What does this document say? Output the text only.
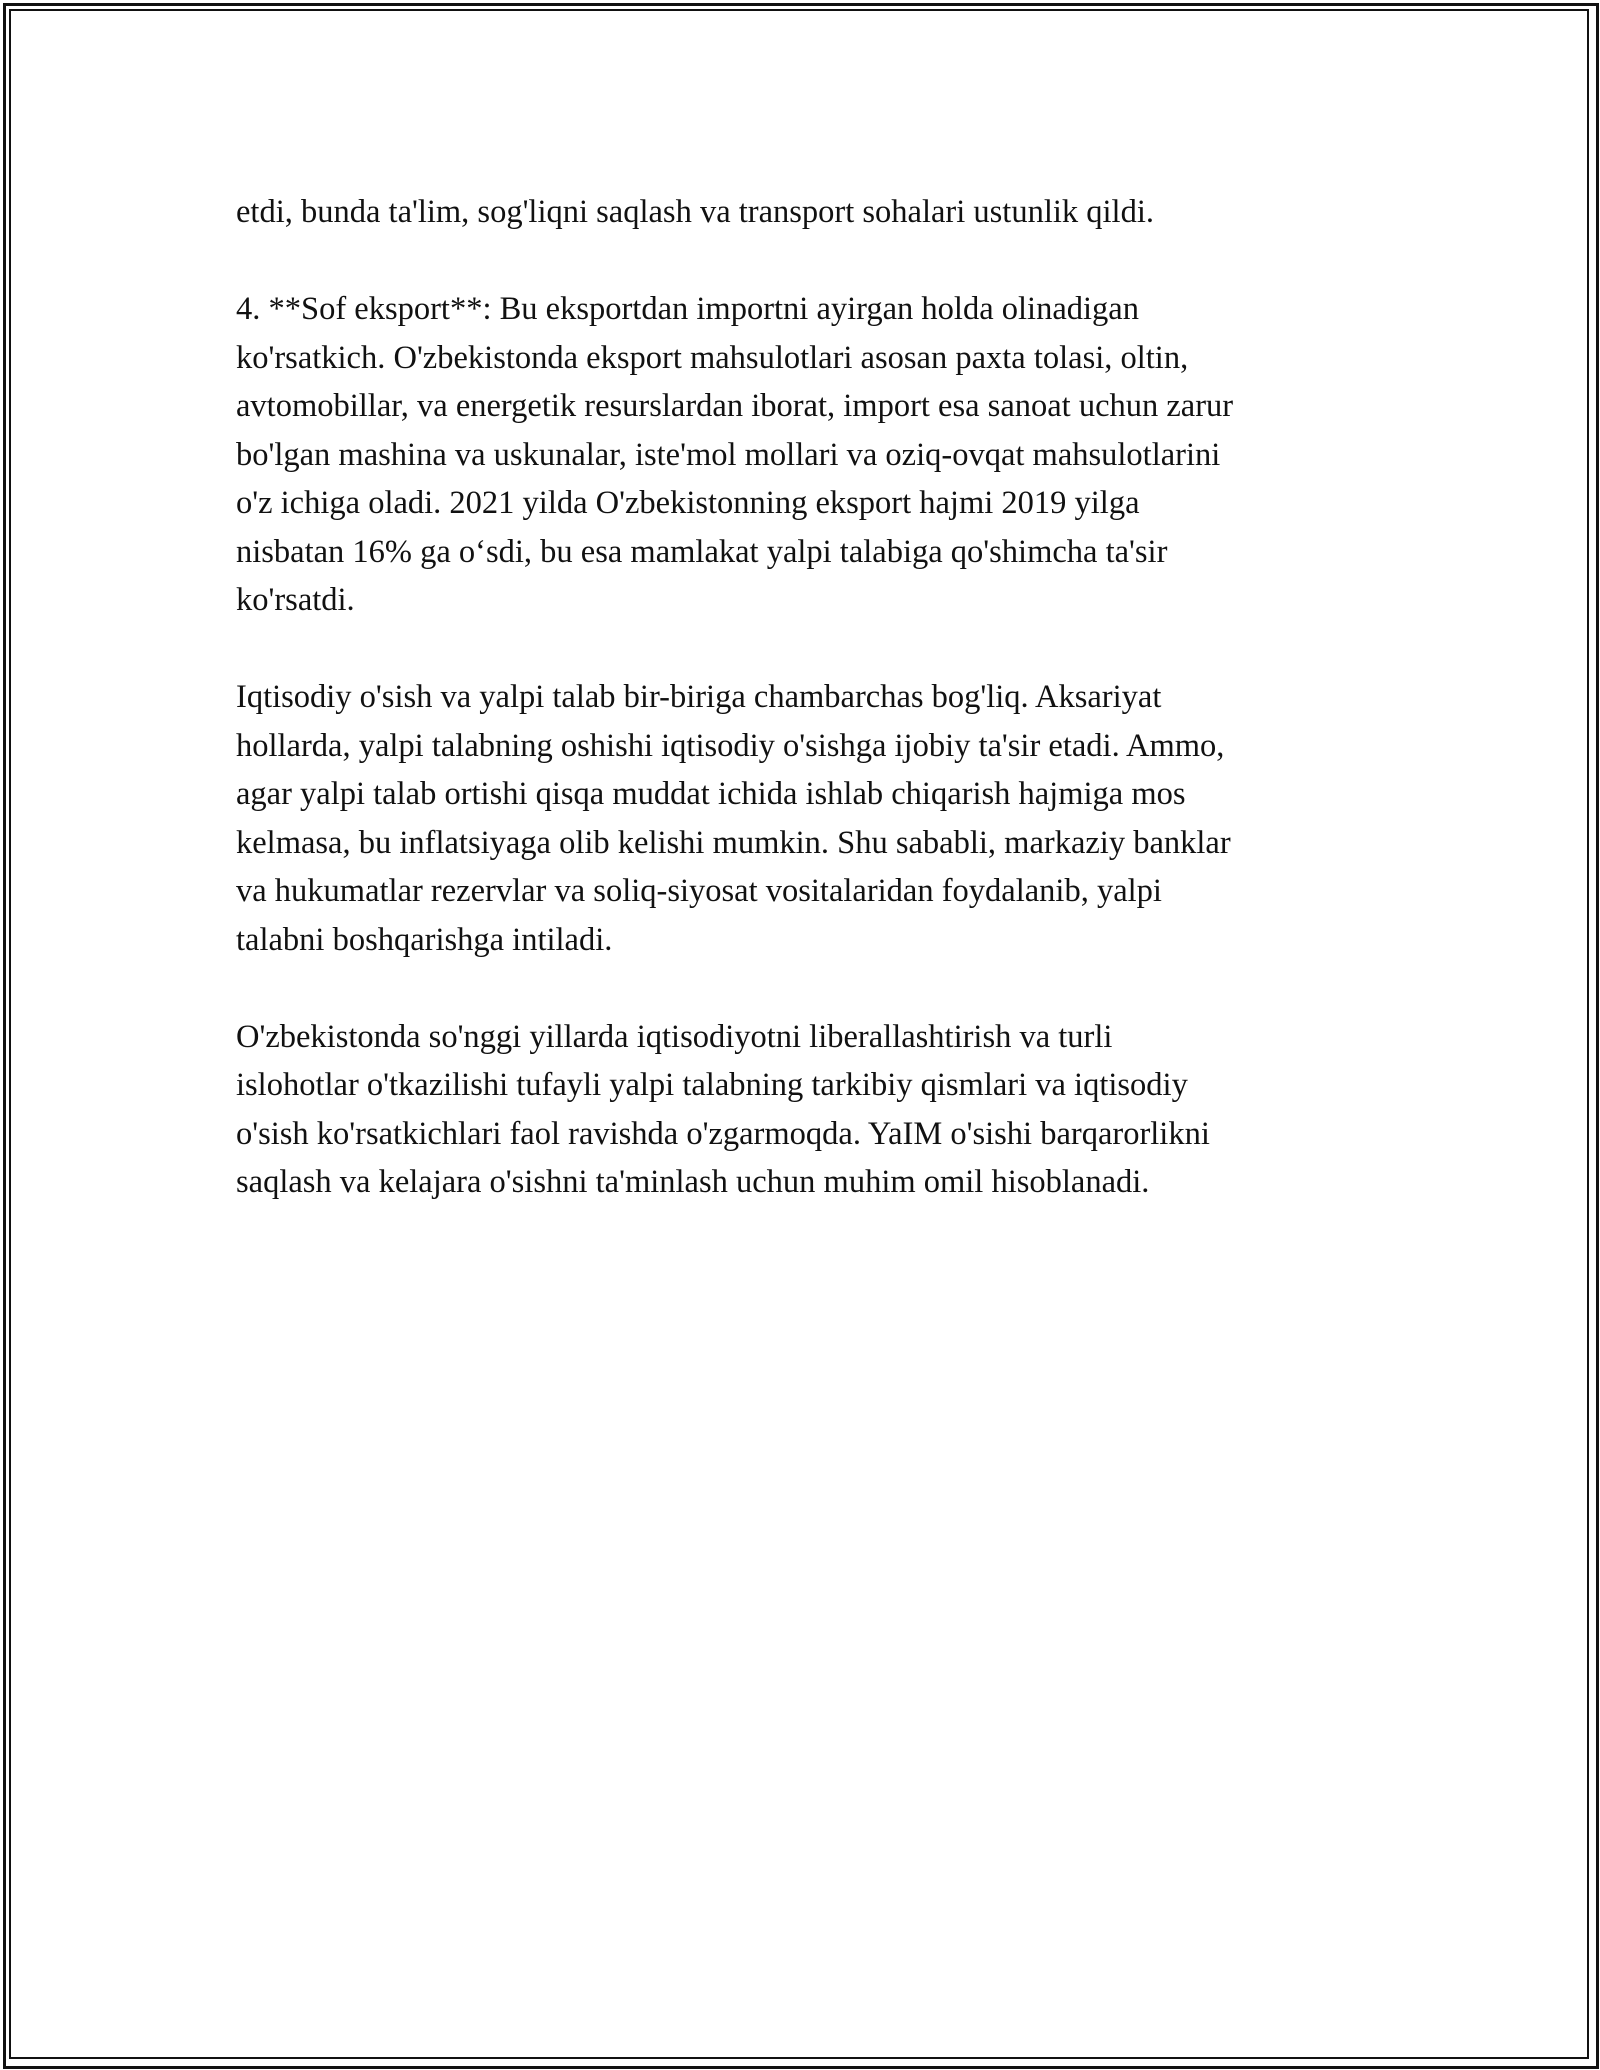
etdi, bunda ta'lim, sog'liqni saqlash va transport sohalari ustunlik qildi.

4. **Sof eksport**: Bu eksportdan importni ayirgan holda olinadigan
ko'rsatkich. O'zbekistonda eksport mahsulotlari asosan paxta tolasi, oltin,
avtomobillar, va energetik resurslardan iborat, import esa sanoat uchun zarur
bo'lgan mashina va uskunalar, iste'mol mollari va oziq-ovqat mahsulotlarini
o'z ichiga oladi. 2021 yilda O'zbekistonning eksport hajmi 2019 yilga
nisbatan 16% ga o‘sdi, bu esa mamlakat yalpi talabiga qo'shimcha ta'sir
ko'rsatdi.

Iqtisodiy o'sish va yalpi talab bir-biriga chambarchas bog'liq. Aksariyat
hollarda, yalpi talabning oshishi iqtisodiy o'sishga ijobiy ta'sir etadi. Ammo,
agar yalpi talab ortishi qisqa muddat ichida ishlab chiqarish hajmiga mos
kelmasa, bu inflatsiyaga olib kelishi mumkin. Shu sababli, markaziy banklar
va hukumatlar rezervlar va soliq-siyosat vositalaridan foydalanib, yalpi
talabni boshqarishga intiladi.

O'zbekistonda so'nggi yillarda iqtisodiyotni liberallashtirish va turli
islohotlar o'tkazilishi tufayli yalpi talabning tarkibiy qismlari va iqtisodiy
o'sish ko'rsatkichlari faol ravishda o'zgarmoqda. YaIM o'sishi barqarorlikni
saqlash va kelajara o'sishni ta'minlash uchun muhim omil hisoblanadi.
